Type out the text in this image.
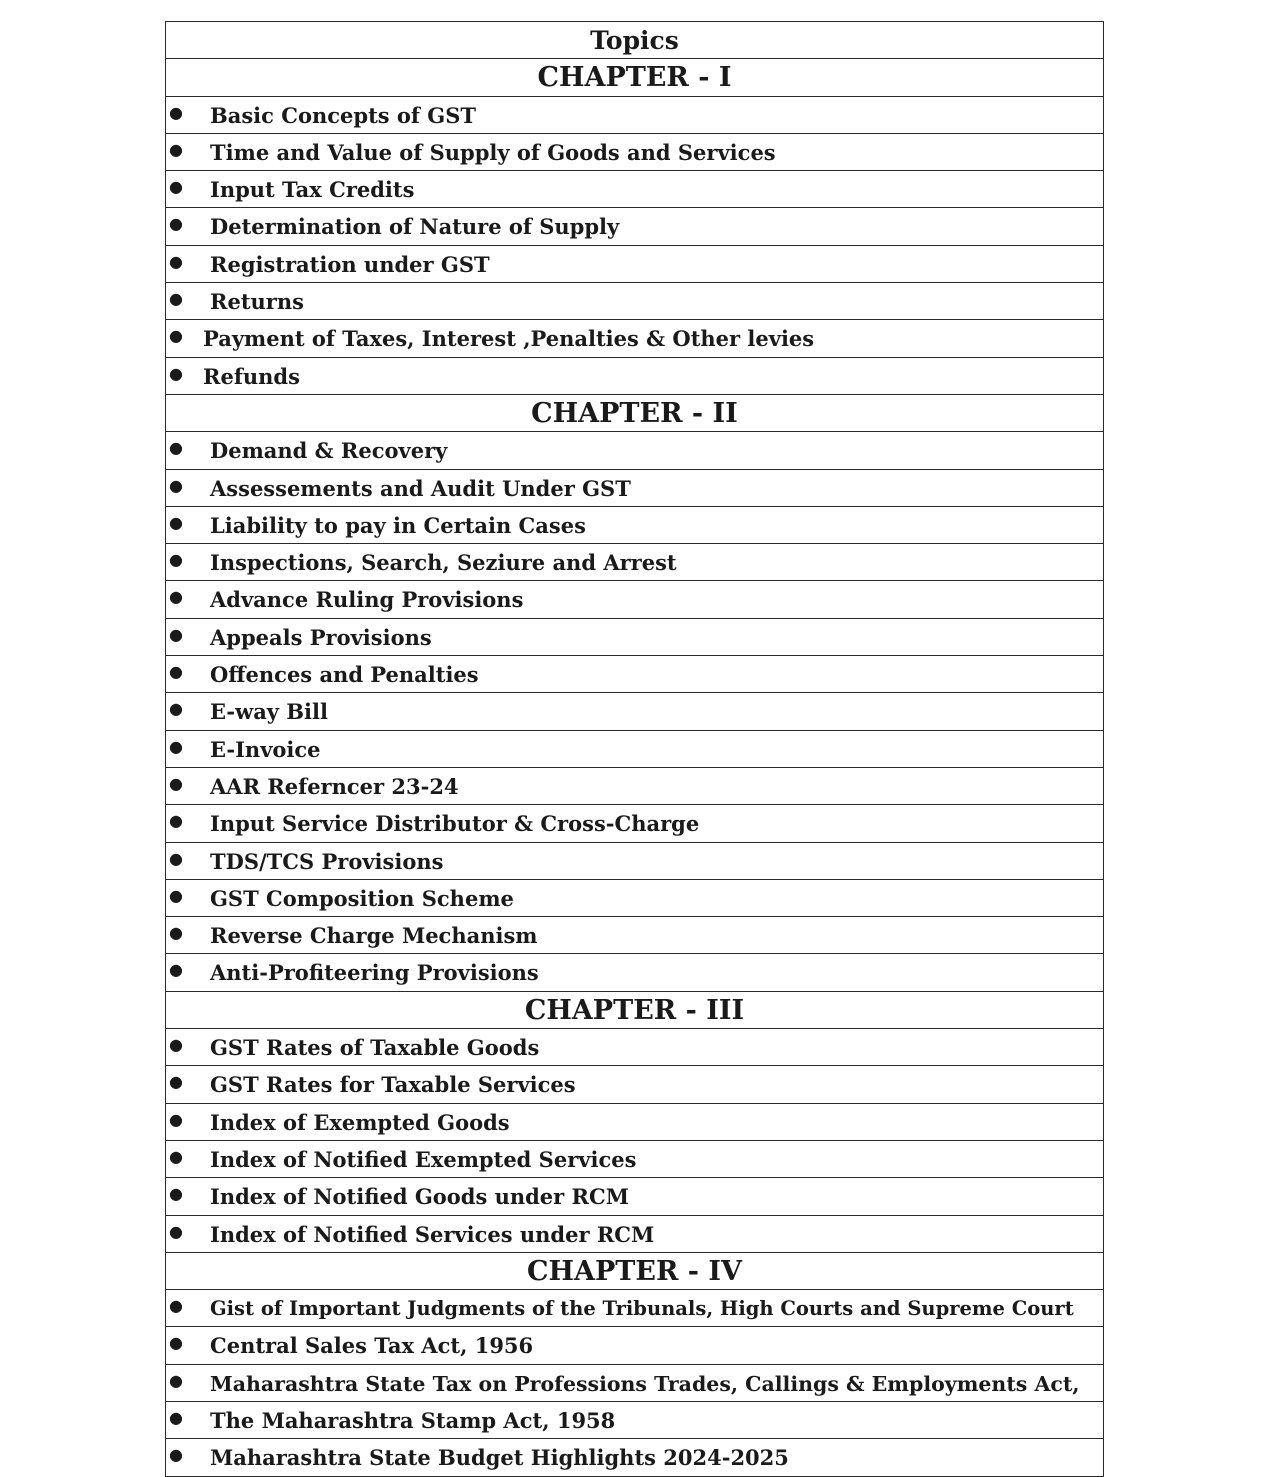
Topics
CHAPTER - I
● Basic Concepts of GST
● Time and Value of Supply of Goods and Services
● Input Tax Credits
● Determination of Nature of Supply
● Registration under GST
● Returns
● Payment of Taxes, Interest ,Penalties & Other levies
● Refunds
CHAPTER - II
● Demand & Recovery
● Assessements and Audit Under GST
● Liability to pay in Certain Cases
● Inspections, Search, Seziure and Arrest
● Advance Ruling Provisions
● Appeals Provisions
● Offences and Penalties
● E-way Bill
● E-Invoice
● AAR Referncer 23-24
● Input Service Distributor & Cross-Charge
● TDS/TCS Provisions
● GST Composition Scheme
● Reverse Charge Mechanism
● Anti-Profiteering Provisions
CHAPTER - III
● GST Rates of Taxable Goods
● GST Rates for Taxable Services
● Index of Exempted Goods
● Index of Notified Exempted Services
● Index of Notified Goods under RCM
● Index of Notified Services under RCM
CHAPTER - IV
● Gist of Important Judgments of the Tribunals, High Courts and Supreme Court
● Central Sales Tax Act, 1956
● Maharashtra State Tax on Professions Trades, Callings & Employments Act,
● The Maharashtra Stamp Act, 1958
● Maharashtra State Budget Highlights 2024-2025
